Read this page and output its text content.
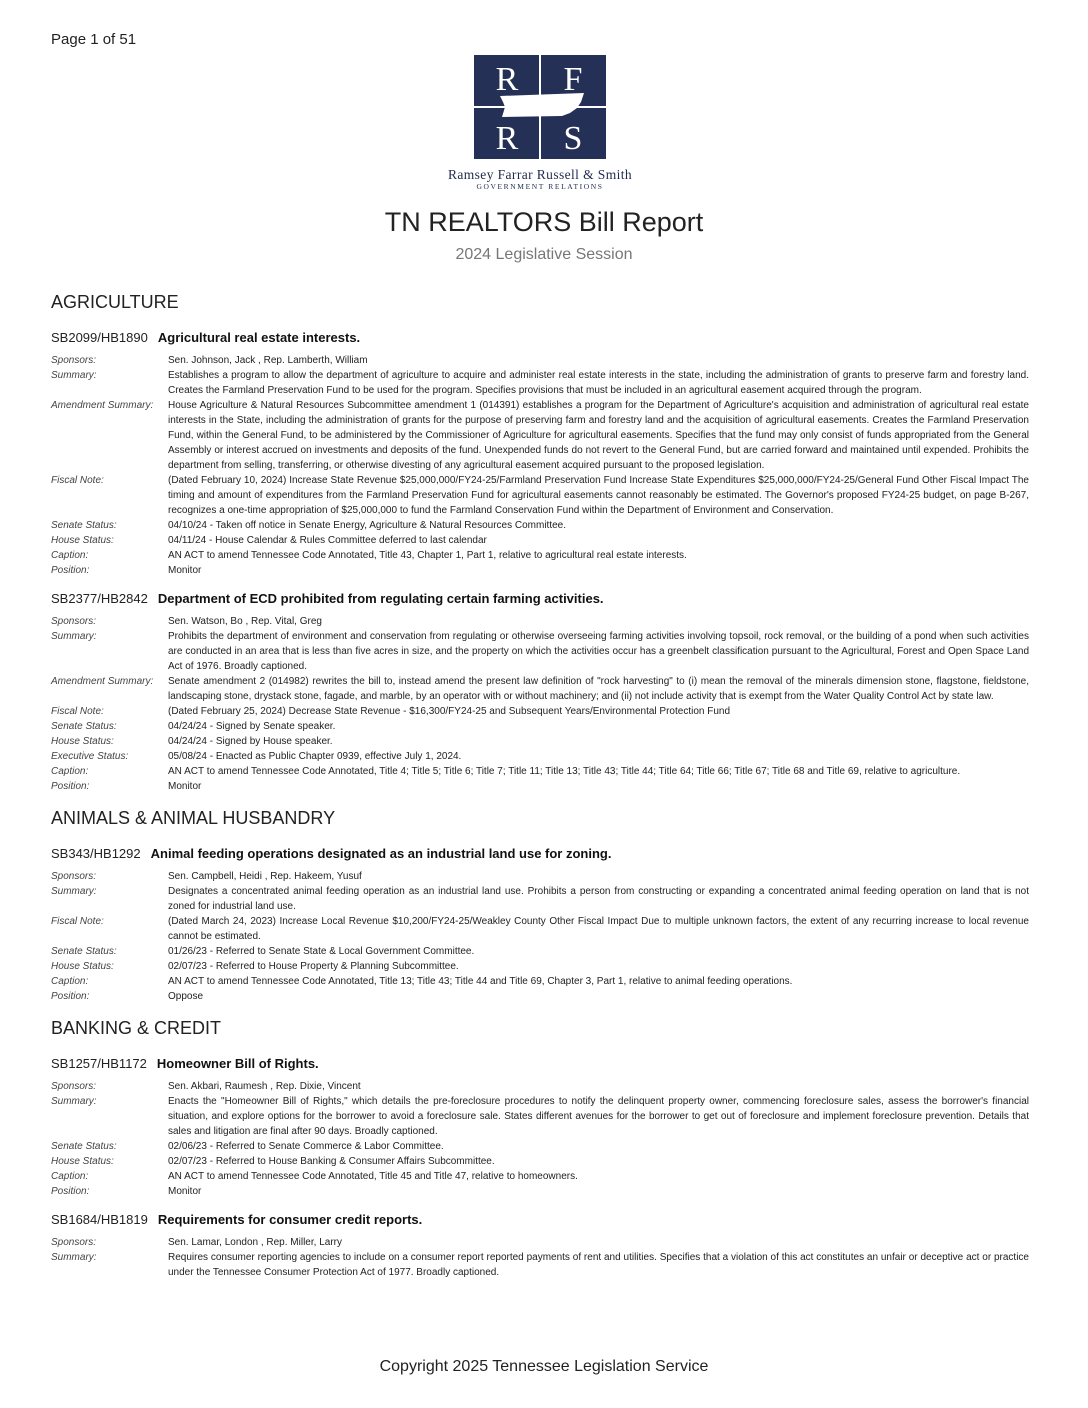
Page 1 of 51
R F
R S
Ramsey Farrar Russell & Smith
GOVERNMENT RELATIONS
TN REALTORS Bill Report
2024 Legislative Session
AGRICULTURE
SB2099/HB1890 Agricultural real estate interests.
Sponsors:	Sen. Johnson, Jack , Rep. Lamberth, William
Summary:	Establishes a program to allow the department of agriculture to acquire and administer real estate interests in the state, including the administration of grants to preserve farm and forestry land. Creates the Farmland Preservation Fund to be used for the program. Specifies provisions that must be included in an agricultural easement acquired through the program.
Amendment Summary:	House Agriculture & Natural Resources Subcommittee amendment 1 (014391) establishes a program for the Department of Agriculture's acquisition and administration of agricultural real estate interests in the State, including the administration of grants for the purpose of preserving farm and forestry land and the acquisition of agricultural easements. Creates the Farmland Preservation Fund, within the General Fund, to be administered by the Commissioner of Agriculture for agricultural easements. Specifies that the fund may only consist of funds appropriated from the General Assembly or interest accrued on investments and deposits of the fund. Unexpended funds do not revert to the General Fund, but are carried forward and maintained until expended. Prohibits the department from selling, transferring, or otherwise divesting of any agricultural easement acquired pursuant to the proposed legislation.
Fiscal Note:	(Dated February 10, 2024) Increase State Revenue $25,000,000/FY24-25/Farmland Preservation Fund Increase State Expenditures $25,000,000/FY24-25/General Fund Other Fiscal Impact The timing and amount of expenditures from the Farmland Preservation Fund for agricultural easements cannot reasonably be estimated. The Governor's proposed FY24-25 budget, on page B-267, recognizes a one-time appropriation of $25,000,000 to fund the Farmland Conservation Fund within the Department of Environment and Conservation.
Senate Status:	04/10/24 - Taken off notice in Senate Energy, Agriculture & Natural Resources Committee.
House Status:	04/11/24 - House Calendar & Rules Committee deferred to last calendar
Caption:	AN ACT to amend Tennessee Code Annotated, Title 43, Chapter 1, Part 1, relative to agricultural real estate interests.
Position:	Monitor
SB2377/HB2842 Department of ECD prohibited from regulating certain farming activities.
Sponsors:	Sen. Watson, Bo , Rep. Vital, Greg
Summary:	Prohibits the department of environment and conservation from regulating or otherwise overseeing farming activities involving topsoil, rock removal, or the building of a pond when such activities are conducted in an area that is less than five acres in size, and the property on which the activities occur has a greenbelt classification pursuant to the Agricultural, Forest and Open Space Land Act of 1976. Broadly captioned.
Amendment Summary:	Senate amendment 2 (014982) rewrites the bill to, instead amend the present law definition of "rock harvesting" to (i) mean the removal of the minerals dimension stone, flagstone, fieldstone, landscaping stone, drystack stone, fagade, and marble, by an operator with or without machinery; and (ii) not include activity that is exempt from the Water Quality Control Act by state law.
Fiscal Note:	(Dated February 25, 2024) Decrease State Revenue - $16,300/FY24-25 and Subsequent Years/Environmental Protection Fund
Senate Status:	04/24/24 - Signed by Senate speaker.
House Status:	04/24/24 - Signed by House speaker.
Executive Status:	05/08/24 - Enacted as Public Chapter 0939, effective July 1, 2024.
Caption:	AN ACT to amend Tennessee Code Annotated, Title 4; Title 5; Title 6; Title 7; Title 11; Title 13; Title 43; Title 44; Title 64; Title 66; Title 67; Title 68 and Title 69, relative to agriculture.
Position:	Monitor
ANIMALS & ANIMAL HUSBANDRY
SB343/HB1292 Animal feeding operations designated as an industrial land use for zoning.
Sponsors:	Sen. Campbell, Heidi , Rep. Hakeem, Yusuf
Summary:	Designates a concentrated animal feeding operation as an industrial land use. Prohibits a person from constructing or expanding a concentrated animal feeding operation on land that is not zoned for industrial land use.
Fiscal Note:	(Dated March 24, 2023) Increase Local Revenue $10,200/FY24-25/Weakley County Other Fiscal Impact Due to multiple unknown factors, the extent of any recurring increase to local revenue cannot be estimated.
Senate Status:	01/26/23 - Referred to Senate State & Local Government Committee.
House Status:	02/07/23 - Referred to House Property & Planning Subcommittee.
Caption:	AN ACT to amend Tennessee Code Annotated, Title 13; Title 43; Title 44 and Title 69, Chapter 3, Part 1, relative to animal feeding operations.
Position:	Oppose
BANKING & CREDIT
SB1257/HB1172 Homeowner Bill of Rights.
Sponsors:	Sen. Akbari, Raumesh , Rep. Dixie, Vincent
Summary:	Enacts the "Homeowner Bill of Rights," which details the pre-foreclosure procedures to notify the delinquent property owner, commencing foreclosure sales, assess the borrower's financial situation, and explore options for the borrower to avoid a foreclosure sale. States different avenues for the borrower to get out of foreclosure and implement foreclosure prevention. Details that sales and litigation are final after 90 days. Broadly captioned.
Senate Status:	02/06/23 - Referred to Senate Commerce & Labor Committee.
House Status:	02/07/23 - Referred to House Banking & Consumer Affairs Subcommittee.
Caption:	AN ACT to amend Tennessee Code Annotated, Title 45 and Title 47, relative to homeowners.
Position:	Monitor
SB1684/HB1819 Requirements for consumer credit reports.
Sponsors:	Sen. Lamar, London , Rep. Miller, Larry
Summary:	Requires consumer reporting agencies to include on a consumer report reported payments of rent and utilities. Specifies that a violation of this act constitutes an unfair or deceptive act or practice under the Tennessee Consumer Protection Act of 1977. Broadly captioned.
Copyright 2025 Tennessee Legislation Service
